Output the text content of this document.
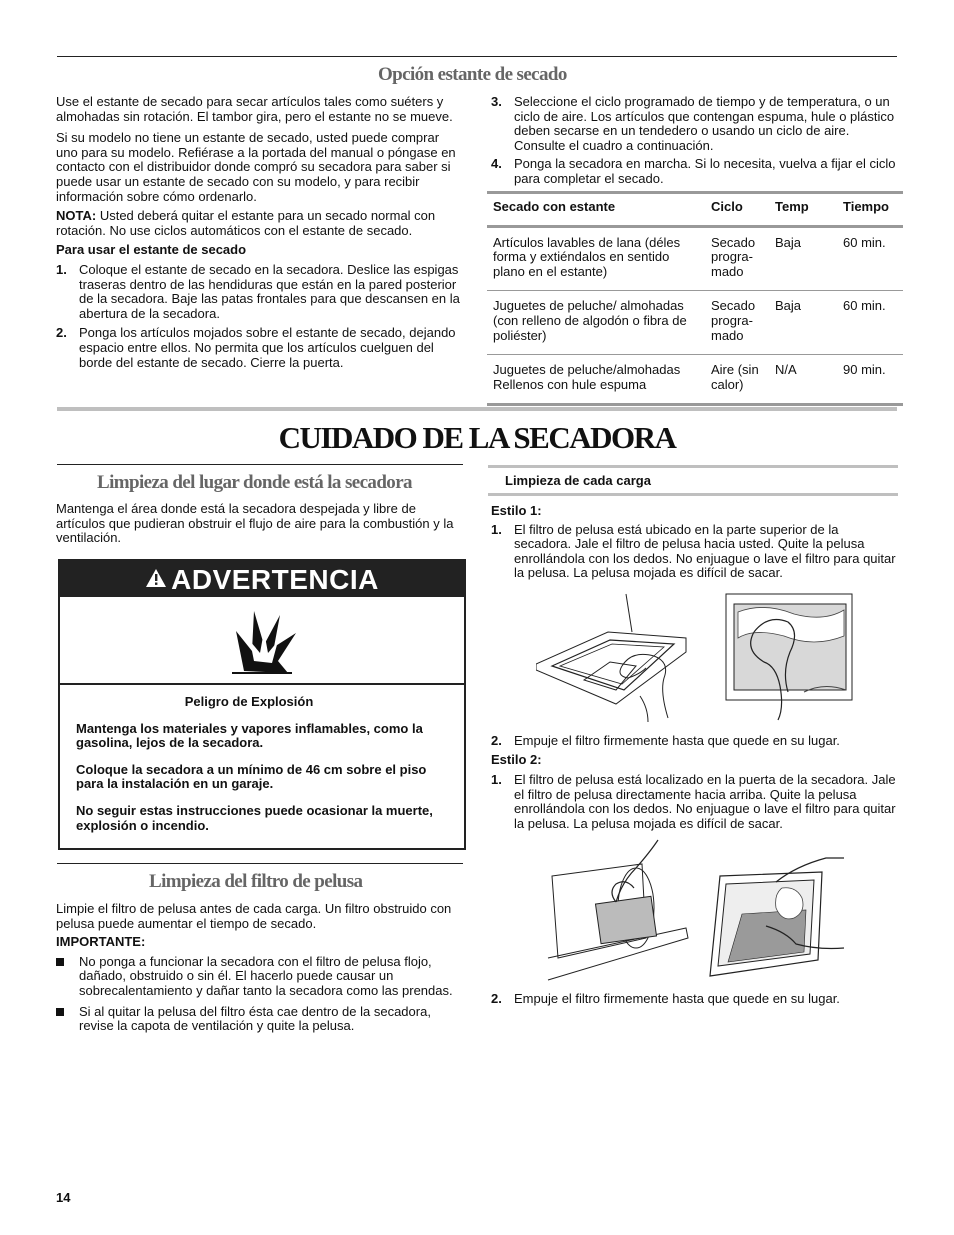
Opción estante de secado

Use el estante de secado para secar artículos tales como suéters y almohadas sin rotación. El tambor gira, pero el estante no se mueve.

Si su modelo no tiene un estante de secado, usted puede comprar uno para su modelo. Refiérase a la portada del manual o póngase en contacto con el distribuidor donde compró su secadora para saber si puede usar un estante de secado con su modelo, y para recibir información sobre cómo ordenarlo.

NOTA: Usted deberá quitar el estante para un secado normal con rotación. No use ciclos automáticos con el estante de secado.

Para usar el estante de secado

1. Coloque el estante de secado en la secadora. Deslice las espigas traseras dentro de las hendiduras que están en la pared posterior de la secadora. Baje las patas frontales para que descansen en la abertura de la secadora.
2. Ponga los artículos mojados sobre el estante de secado, dejando espacio entre ellos. No permita que los artículos cuelguen del borde del estante de secado. Cierre la puerta.
3. Seleccione el ciclo programado de tiempo y de temperatura, o un ciclo de aire. Los artículos que contengan espuma, hule o plástico deben secarse en un tendedero o usando un ciclo de aire. Consulte el cuadro a continuación.
4. Ponga la secadora en marcha. Si lo necesita, vuelva a fijar el ciclo para completar el secado.
Secado con estante	Ciclo	Temp	Tiempo
Artículos lavables de lana (déles forma y extiéndalos en sentido plano en el estante)	Secado progra-mado	Baja	60 min.
Juguetes de peluche/ almohadas (con relleno de algodón o fibra de poliéster)	Secado progra-mado	Baja	60 min.
Juguetes de peluche/almohadas Rellenos con hule espuma	Aire (sin calor)	N/A	90 min.
CUIDADO DE LA SECADORA
Limpieza del lugar donde está la secadora

Mantenga el área donde está la secadora despejada y libre de artículos que pudieran obstruir el flujo de aire para la combustión y la ventilación.

ADVERTENCIA

Peligro de Explosión

Mantenga los materiales y vapores inflamables, como la gasolina, lejos de la secadora.

Coloque la secadora a un mínimo de 46 cm sobre el piso para la instalación en un garaje.

No seguir estas instrucciones puede ocasionar la muerte, explosión o incendio.

Limpieza del filtro de pelusa

Limpie el filtro de pelusa antes de cada carga. Un filtro obstruido con pelusa puede aumentar el tiempo de secado.

IMPORTANTE:

No ponga a funcionar la secadora con el filtro de pelusa flojo, dañado, obstruido o sin él. El hacerlo puede causar un sobrecalentamiento y dañar tanto la secadora como las prendas.
Si al quitar la pelusa del filtro ésta cae dentro de la secadora, revise la capota de ventilación y quite la pelusa.
Limpieza de cada carga

Estilo 1:

1. El filtro de pelusa está ubicado en la parte superior de la secadora. Jale el filtro de pelusa hacia usted. Quite la pelusa enrollándola con los dedos. No enjuague o lave el filtro para quitar la pelusa. La pelusa mojada es difícil de sacar.
2. Empuje el filtro firmemente hasta que quede en su lugar.

Estilo 2:

1. El filtro de pelusa está localizado en la puerta de la secadora. Jale el filtro de pelusa directamente hacia arriba. Quite la pelusa enrollándola con los dedos. No enjuague o lave el filtro para quitar la pelusa. La pelusa mojada es difícil de sacar.
2. Empuje el filtro firmemente hasta que quede en su lugar.
14
